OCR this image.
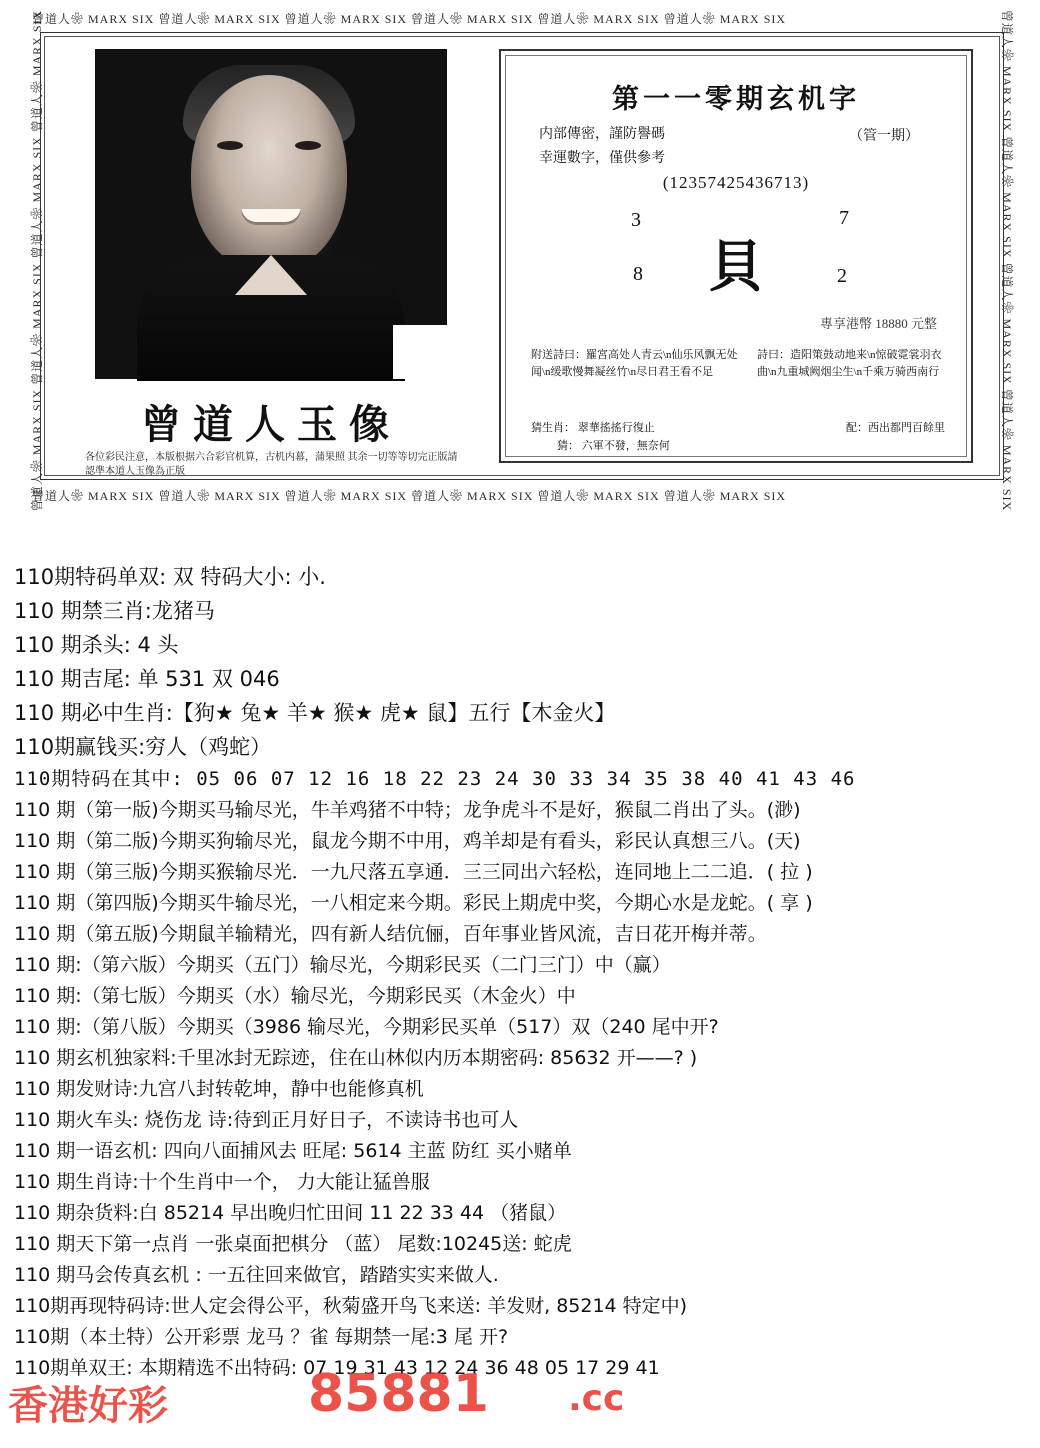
曾道人❀ MARX SIX 曾道人❀ MARX SIX 曾道人❀ MARX SIX 曾道人❀ MARX SIX 曾道人❀ MARX SIX 曾道人❀ MARX SIX
曾道人❀ MARX SIX 曾道人❀ MARX SIX 曾道人❀ MARX SIX 曾道人❀ MARX SIX 曾道人❀ MARX SIX 曾道人❀ MARX SIX
曾道人❀ MARX SIX 曾道人❀ MARX SIX 曾道人❀ MARX SIX 曾道人❀ MARX SIX	曾道人❀ MARX SIX 曾道人❀ MARX SIX 曾道人❀ MARX SIX 曾道人❀ MARX SIX
曾道人玉像
各位彩民注意，本版根据六合彩官机算，古机内幕，蒲果照 其余一切等等切完正版請認準本道人玉像為正版
第一一零期玄机字
内部傳密，謹防譽碼	（管一期）
幸運數字，僅供參考
(12357425436713)
3	7
貝
8	2
專享港幣 18880 元整
附送詩曰：羅宮高处人青云\n仙乐风飘无处闻\n缓歌慢舞凝丝竹\n尽日君王看不足
詩曰：造阳策鼓动地来\n惊破霓裳羽衣曲\n九重城阙烟尘生\n千乘万骑西南行
猜生肖： 翠華搖搖行復止
猜： 六軍不發，無奈何
配：西出都門百餘里
110期特码单双: 双 特码大小: 小.
110 期禁三肖:龙猪马
110 期杀头: 4 头
110 期吉尾: 单 531 双 046
110 期必中生肖:【狗★ 兔★ 羊★ 猴★ 虎★ 鼠】五行【木金火】
110期赢钱买:穷人（鸡蛇）
110期特码在其中: 05 06 07 12 16 18 22 23 24 30 33 34 35 38 40 41 43 46
110 期（第一版)今期买马输尽光，牛羊鸡猪不中特；龙争虎斗不是好，猴鼠二肖出了头。(渺)
110 期（第二版)今期买狗输尽光，鼠龙今期不中用，鸡羊却是有看头，彩民认真想三八。(天)
110 期（第三版)今期买猴输尽光．一九尺落五享通．三三同出六轻松，连同地上二二追．( 拉 )
110 期（第四版)今期买牛输尽光，一八相定来今期。彩民上期虎中奖，今期心水是龙蛇。( 享 )
110 期（第五版)今期鼠羊输精光，四有新人结伉俪，百年事业皆风流，吉日花开梅并蒂。
110 期:（第六版）今期买（五门）输尽光，今期彩民买（二门三门）中（赢）
110 期:（第七版）今期买（水）输尽光，今期彩民买（木金火）中
110 期:（第八版）今期买（3986 输尽光，今期彩民买单（517）双（240 尾中开?
110 期玄机独家料:千里冰封无踪迹，住在山林似内历本期密码: 85632 开——? )
110 期发财诗:九宫八封转乾坤，静中也能修真机
110 期火车头: 烧伤龙 诗:待到正月好日子，不读诗书也可人
110 期一语玄机: 四向八面捕风去 旺尾: 5614 主蓝 防红 买小赌单
110 期生肖诗:十个生肖中一个， 力大能让猛兽服
110 期杂货料:白 85214 早出晚归忙田间 11 22 33 44 （猪鼠）
110 期天下第一点肖 一张桌面把棋分 （蓝） 尾数:10245送: 蛇虎
110 期马会传真玄机 : 一五往回来做官，踏踏实实来做人.
110期再现特码诗:世人定会得公平，秋菊盛开鸟飞来送: 羊发财, 85214 特定中)
110期（本土特）公开彩票 龙马 ？雀 每期禁一尾:3 尾 开?
110期单双王: 本期精选不出特码: 07 19 31 43 12 24 36 48 05 17 29 41
香港好彩	85881 .cc
